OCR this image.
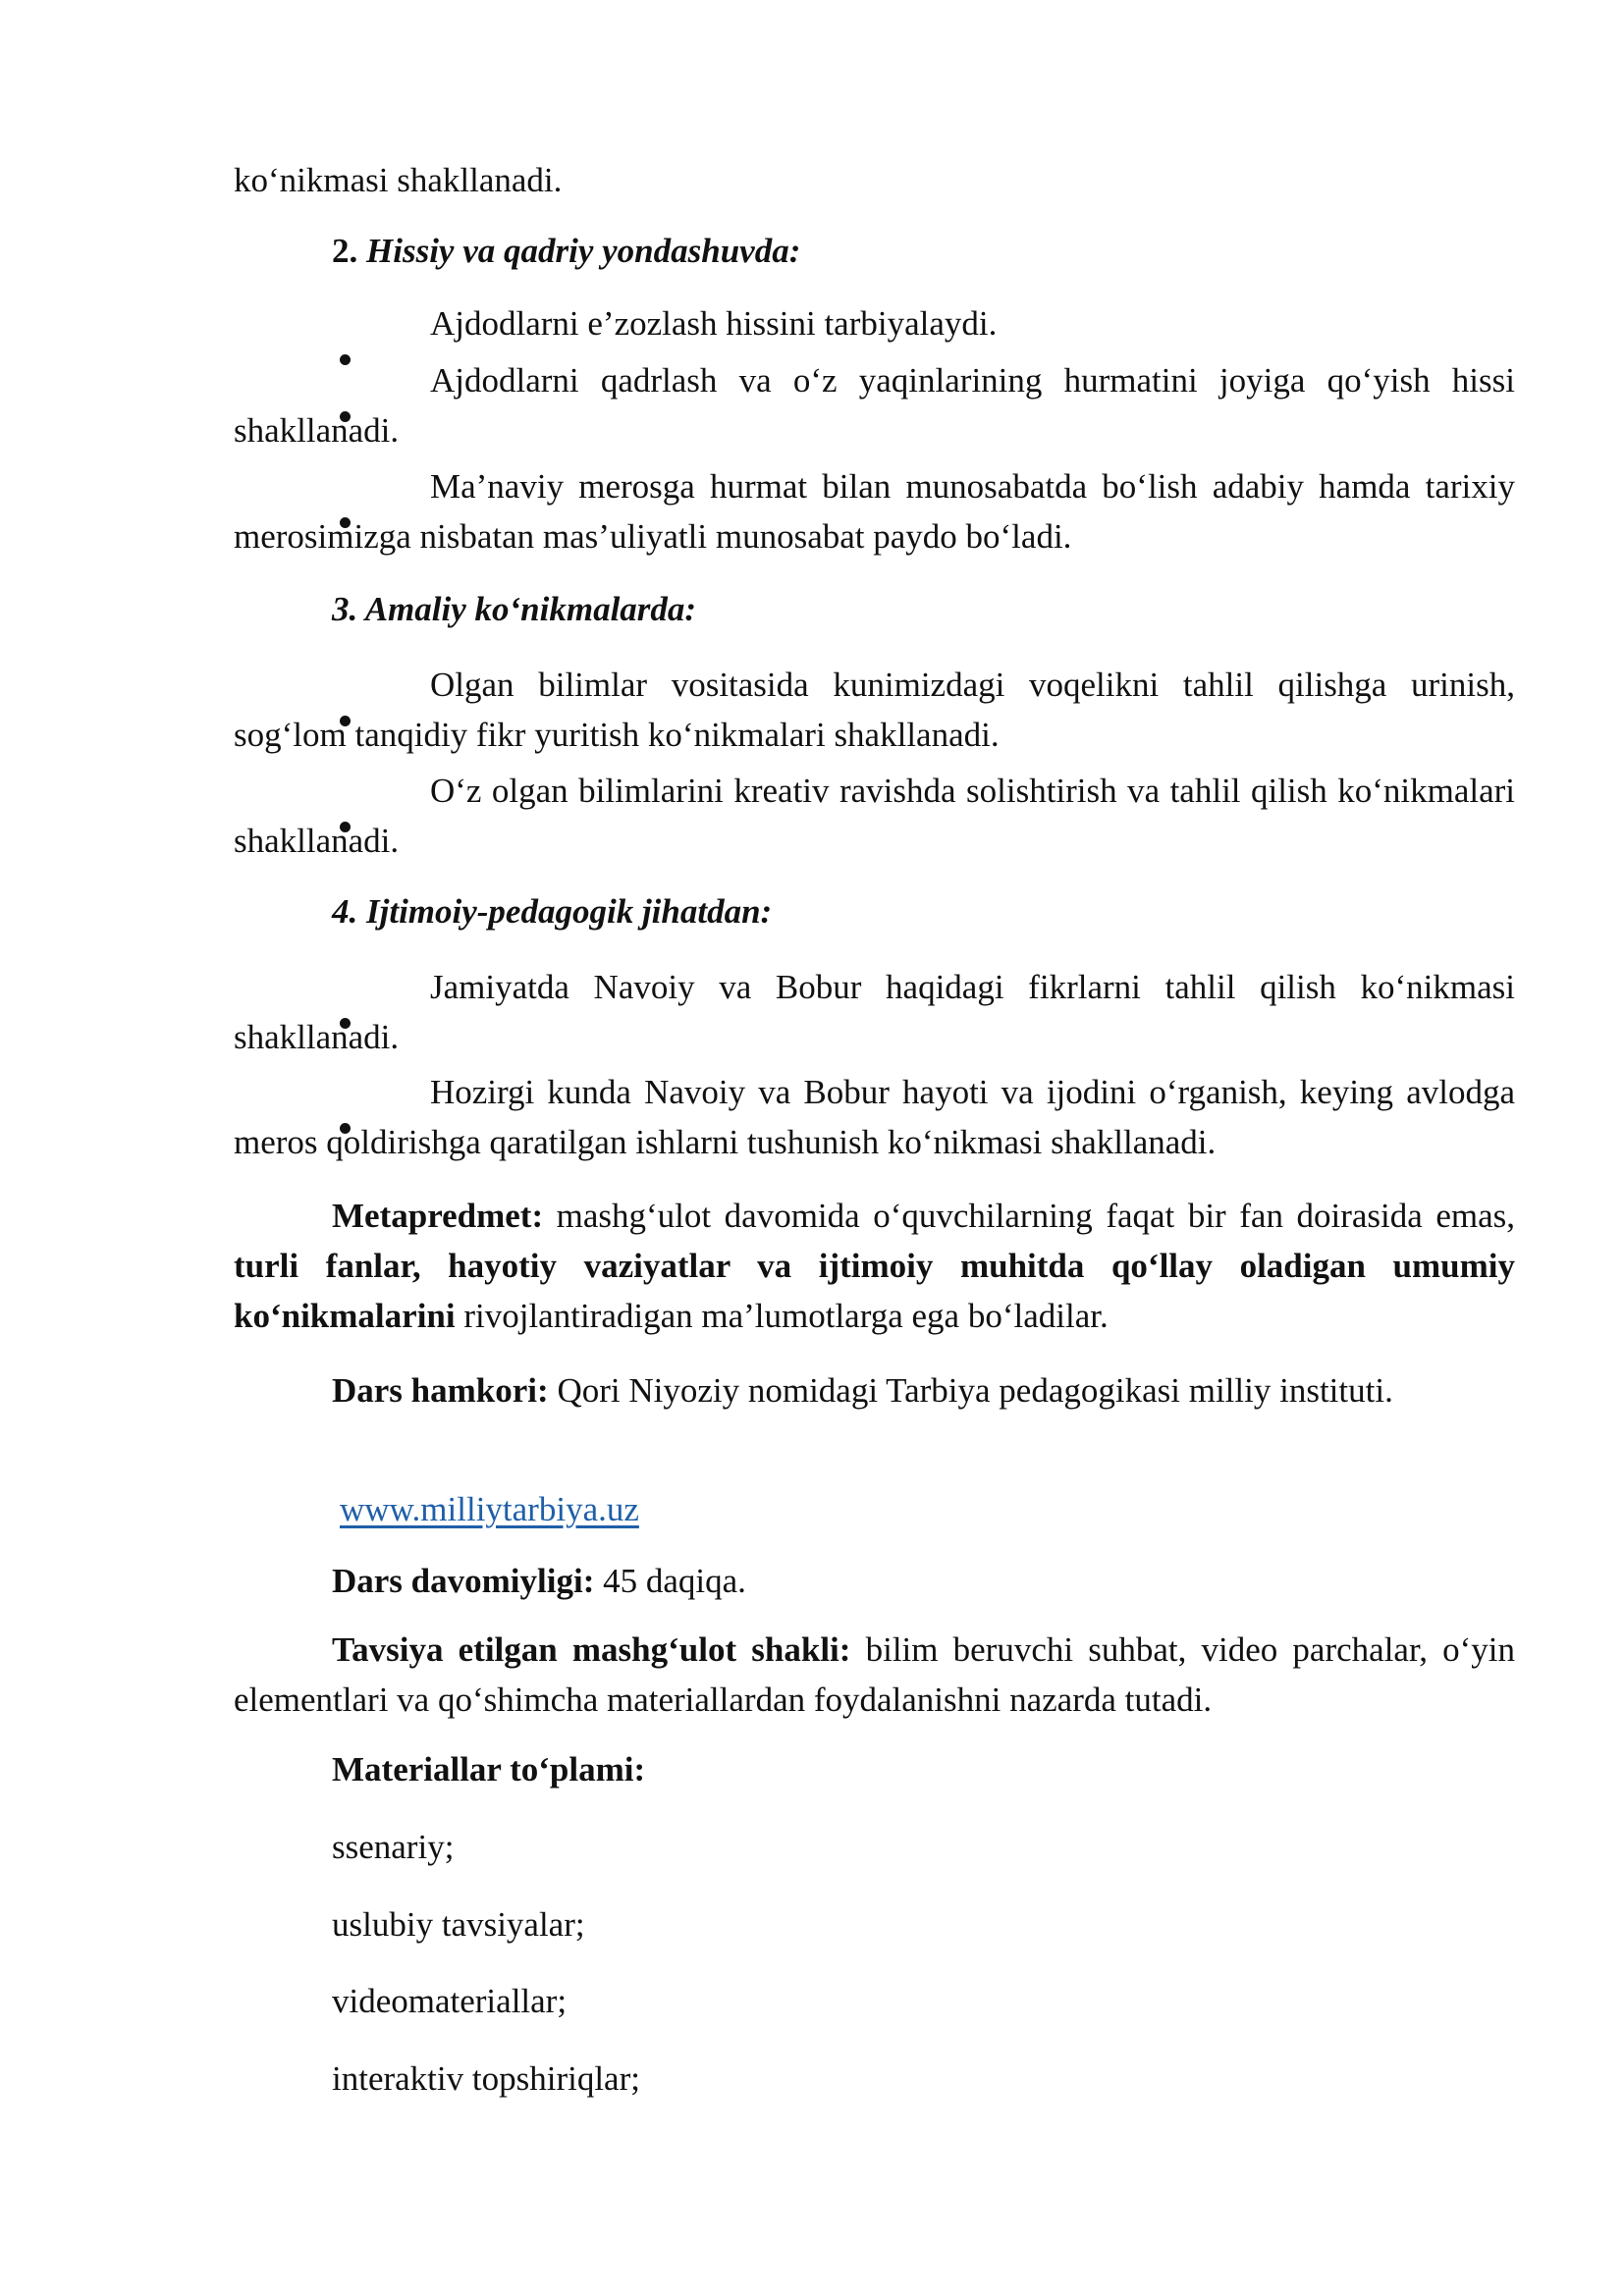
ko‘nikmasi shakllanadi.

2. Hissiy va qadriy yondashuvda:
Ajdodlarni e’zozlash hissini tarbiyalaydi.
Ajdodlarni qadrlash va o‘z yaqinlarining hurmatini joyiga qo‘yish hissi shakllanadi.
Ma’naviy merosga hurmat bilan munosabatda bo‘lish adabiy hamda tarixiy merosimizga nisbatan mas’uliyatli munosabat paydo bo‘ladi.
3. Amaliy ko‘nikmalarda:
Olgan bilimlar vositasida kunimizdagi voqelikni tahlil qilishga urinish, sog‘lom tanqidiy fikr yuritish ko‘nikmalari shakllanadi.
O‘z olgan bilimlarini kreativ ravishda solishtirish va tahlil qilish ko‘nikmalari shakllanadi.
4. Ijtimoiy-pedagogik jihatdan:
Jamiyatda Navoiy va Bobur haqidagi fikrlarni tahlil qilish ko‘nikmasi shakllanadi.
Hozirgi kunda Navoiy va Bobur hayoti va ijodini o‘rganish, keying avlodga meros qoldirishga qaratilgan ishlarni tushunish ko‘nikmasi shakllanadi.

Metapredmet: mashg‘ulot davomida o‘quvchilarning faqat bir fan doirasida emas, turli fanlar, hayotiy vaziyatlar va ijtimoiy muhitda qo‘llay oladigan umumiy ko‘nikmalarini rivojlantiradigan ma’lumotlarga ega bo‘ladilar.

Dars hamkori: Qori Niyoziy nomidagi Tarbiya pedagogikasi milliy instituti.

www.milliytarbiya.uz

Dars davomiyligi: 45 daqiqa.

Tavsiya etilgan mashg‘ulot shakli: bilim beruvchi suhbat, video parchalar, o‘yin elementlari va qo‘shimcha materiallardan foydalanishni nazarda tutadi.

Materiallar to‘plami:
ssenariy;
uslubiy tavsiyalar;
videomateriallar;
interaktiv topshiriqlar;
